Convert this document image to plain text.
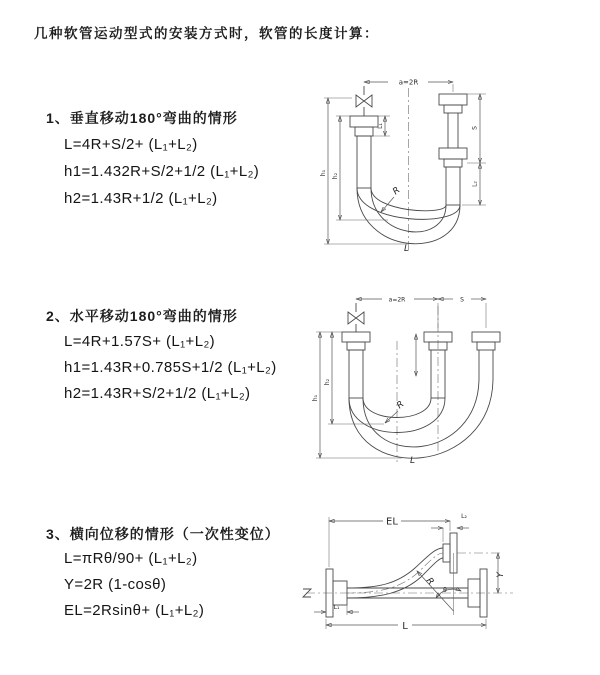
几种软管运动型式的安装方式时，软管的长度计算：
1、垂直移动180°弯曲的情形
L=4R+S/2+ (L₁+L₂)
h1=1.432R+S/2+1/2 (L₁+L₂)
h2=1.43R+1/2 (L₁+L₂)
2、水平移动180°弯曲的情形
L=4R+1.57S+ (L₁+L₂)
h1=1.43R+0.785S+1/2 (L₁+L₂)
h2=1.43R+S/2+1/2 (L₁+L₂)
3、横向位移的情形（一次性变位）
L=πRθ/90+ (L₁+L₂)
Y=2R (1-cosθ)
EL=2Rsinθ+ (L₁+L₂)
a=2R
h₁ h₂
L₁	S
L₂
R
L
a=2R	S
h₁
h₂
R
L
EL	L₂
Y
R
θ
L₁
L
